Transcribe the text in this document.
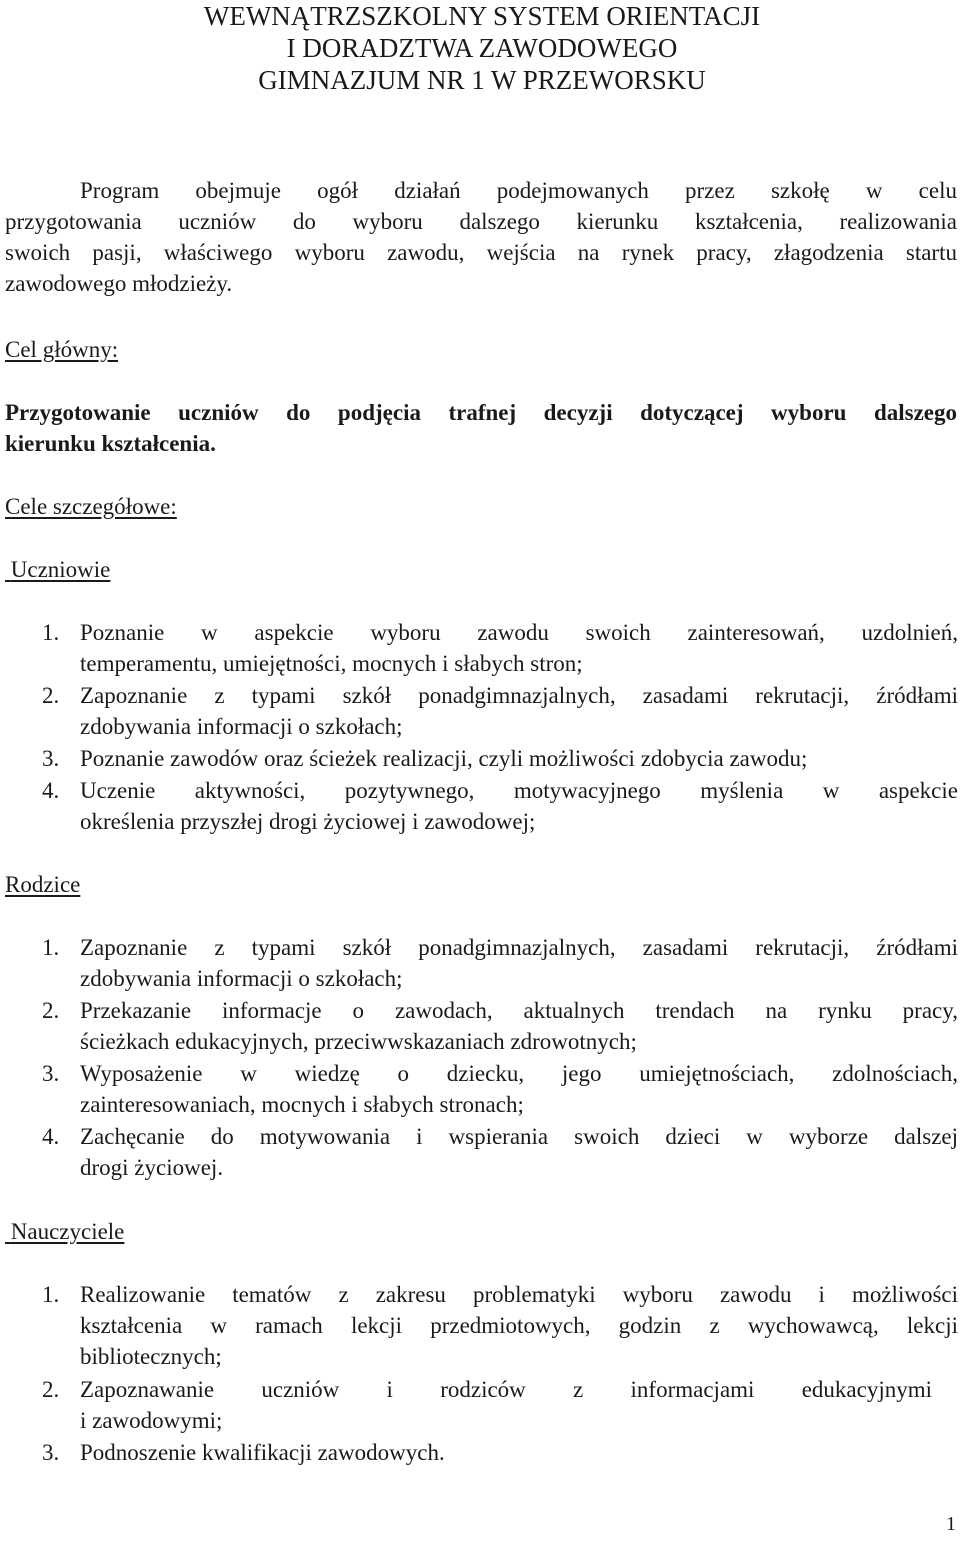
WEWNĄTRZSZKOLNY SYSTEM ORIENTACJI
I DORADZTWA ZAWODOWEGO
GIMNAZJUM NR 1 W PRZEWORSKU
Program obejmuje ogół działań podejmowanych przez szkołę w celu
przygotowania uczniów do wyboru dalszego kierunku kształcenia, realizowania
swoich pasji, właściwego wyboru zawodu, wejścia na rynek pracy, złagodzenia startu
zawodowego młodzieży.
Cel główny:
Przygotowanie uczniów do podjęcia trafnej decyzji dotyczącej wyboru dalszego
kierunku kształcenia.
Cele szczegółowe:
Uczniowie
1. Poznanie w aspekcie wyboru zawodu swoich zainteresowań, uzdolnień,
temperamentu, umiejętności, mocnych i słabych stron;
2. Zapoznanie z typami szkół ponadgimnazjalnych, zasadami rekrutacji, źródłami
zdobywania informacji o szkołach;
3. Poznanie zawodów oraz ścieżek realizacji, czyli możliwości zdobycia zawodu;
4. Uczenie aktywności, pozytywnego, motywacyjnego myślenia w aspekcie
określenia przyszłej drogi życiowej i zawodowej;
Rodzice
1. Zapoznanie z typami szkół ponadgimnazjalnych, zasadami rekrutacji, źródłami
zdobywania informacji o szkołach;
2. Przekazanie informacje o zawodach, aktualnych trendach na rynku pracy,
ścieżkach edukacyjnych, przeciwwskazaniach zdrowotnych;
3. Wyposażenie w wiedzę o dziecku, jego umiejętnościach, zdolnościach,
zainteresowaniach, mocnych i słabych stronach;
4. Zachęcanie do motywowania i wspierania swoich dzieci w wyborze dalszej
drogi życiowej.
Nauczyciele
1. Realizowanie tematów z zakresu problematyki wyboru zawodu i możliwości
kształcenia w ramach lekcji przedmiotowych, godzin z wychowawcą, lekcji
bibliotecznych;
2. Zapoznawanie uczniów i rodziców z informacjami edukacyjnymi
i zawodowymi;
3. Podnoszenie kwalifikacji zawodowych.
1
